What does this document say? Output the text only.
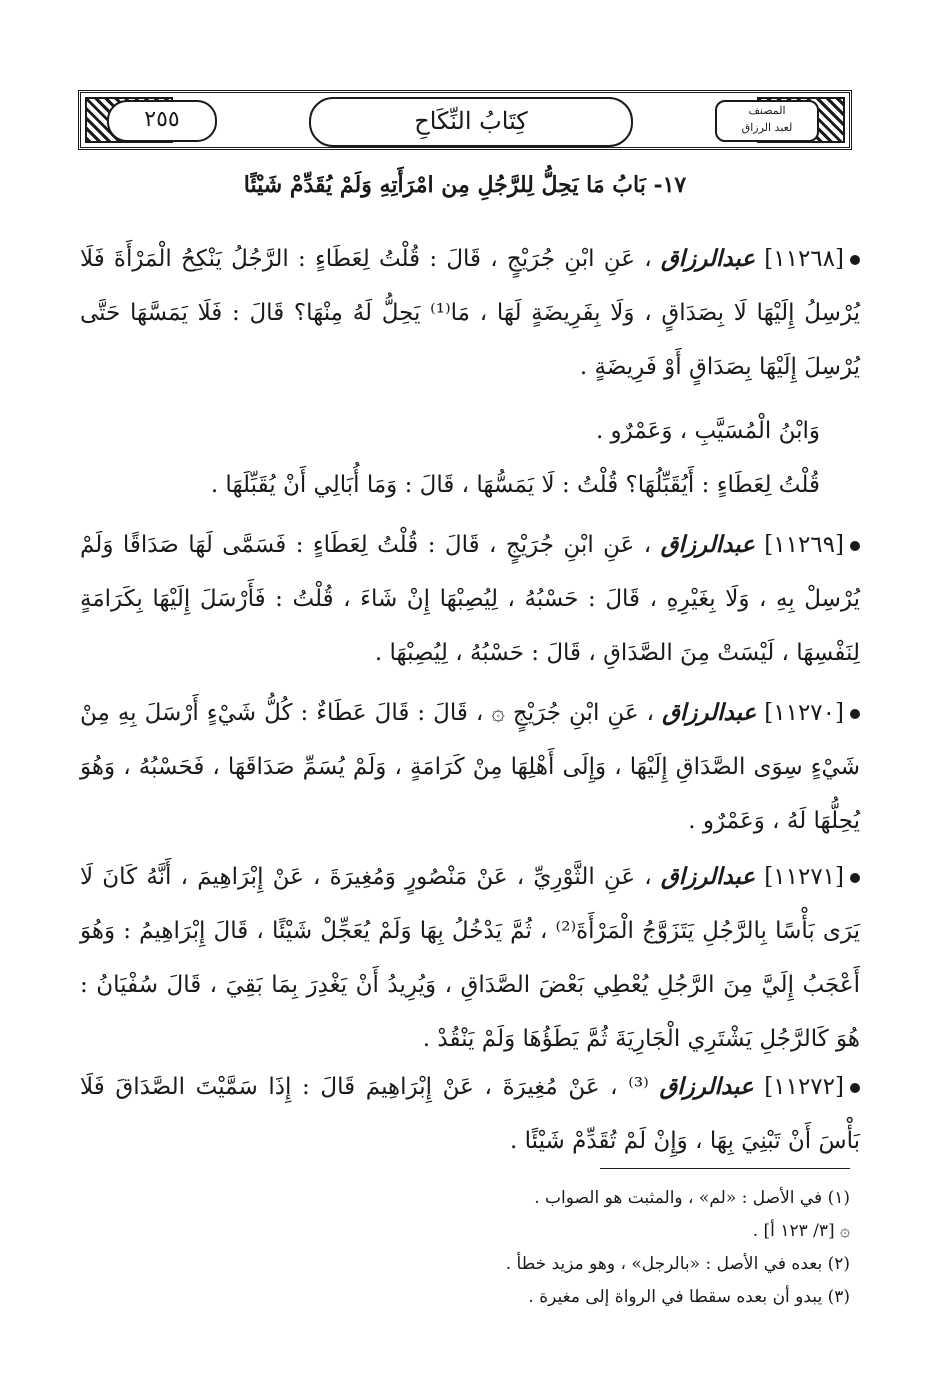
٢٥٥	كِتَابُ النِّكَاحِ	المصنف
لعبد الرزاق
١٧- بَابُ مَا يَحِلُّ لِلرَّجُلِ مِن امْرَأَتِهِ وَلَمْ يُقَدِّمْ شَيْئًا
[١١٢٦٨] عبدالرزاق ، عَنِ ابْنِ جُرَيْجٍ ، قَالَ : قُلْتُ لِعَطَاءٍ : الرَّجُلُ يَنْكِحُ الْمَرْأَةَ فَلَا يُرْسِلُ إِلَيْهَا لَا بِصَدَاقٍ ، وَلَا بِفَرِيضَةٍ لَهَا ، مَا⁽¹⁾ يَحِلُّ لَهُ مِنْهَا؟ قَالَ : فَلَا يَمَسَّهَا حَتَّى يُرْسِلَ إِلَيْهَا بِصَدَاقٍ أَوْ فَرِيضَةٍ .
وَابْنُ الْمُسَيَّبِ ، وَعَمْرٌو .
قُلْتُ لِعَطَاءٍ : أَيُقَبِّلُهَا؟ قُلْتُ : لَا يَمَسُّهَا ، قَالَ : وَمَا أُبَالِي أَنْ يُقَبِّلَهَا .
[١١٢٦٩] عبدالرزاق ، عَنِ ابْنِ جُرَيْجٍ ، قَالَ : قُلْتُ لِعَطَاءٍ : فَسَمَّى لَهَا صَدَاقًا وَلَمْ يُرْسِلْ بِهِ ، وَلَا بِغَيْرِهِ ، قَالَ : حَسْبُهُ ، لِيُصِبْهَا إِنْ شَاءَ ، قُلْتُ : فَأَرْسَلَ إِلَيْهَا بِكَرَامَةٍ لِنَفْسِهَا ، لَيْسَتْ مِنَ الصَّدَاقِ ، قَالَ : حَسْبُهُ ، لِيُصِبْهَا .
[١١٢٧٠] عبدالرزاق ، عَنِ ابْنِ جُرَيْجٍ ۞ ، قَالَ : قَالَ عَطَاءٌ : كُلُّ شَيْءٍ أَرْسَلَ بِهِ مِنْ شَيْءٍ سِوَى الصَّدَاقِ إِلَيْهَا ، وَإِلَى أَهْلِهَا مِنْ كَرَامَةٍ ، وَلَمْ يُسَمِّ صَدَاقَهَا ، فَحَسْبُهُ ، وَهُوَ يُحِلُّهَا لَهُ ، وَعَمْرٌو .
[١١٢٧١] عبدالرزاق ، عَنِ الثَّوْرِيِّ ، عَنْ مَنْصُورٍ وَمُغِيرَةَ ، عَنْ إِبْرَاهِيمَ ، أَنَّهُ كَانَ لَا يَرَى بَأْسًا بِالرَّجُلِ يَتَزَوَّجُ الْمَرْأَةَ⁽²⁾ ، ثُمَّ يَدْخُلُ بِهَا وَلَمْ يُعَجِّلْ شَيْئًا ، قَالَ إِبْرَاهِيمُ : وَهُوَ أَعْجَبُ إِلَيَّ مِنَ الرَّجُلِ يُعْطِي بَعْضَ الصَّدَاقِ ، وَيُرِيدُ أَنْ يَغْدِرَ بِمَا بَقِيَ ، قَالَ سُفْيَانُ : هُوَ كَالرَّجُلِ يَشْتَرِي الْجَارِيَةَ ثُمَّ يَطَؤُهَا وَلَمْ يَنْقُدْ .
[١١٢٧٢] عبدالرزاق ⁽³⁾ ، عَنْ مُغِيرَةَ ، عَنْ إِبْرَاهِيمَ قَالَ : إِذَا سَمَّيْتَ الصَّدَاقَ فَلَا بَأْسَ أَنْ تَبْنِيَ بِهَا ، وَإِنْ لَمْ تُقَدِّمْ شَيْئًا .
(١) في الأصل : «لم» ، والمثبت هو الصواب .
۞ [٣/ ١٢٣ أ] .
(٢) بعده في الأصل : «بالرجل» ، وهو مزيد خطأ .
(٣) يبدو أن بعده سقطا في الرواة إلى مغيرة .
